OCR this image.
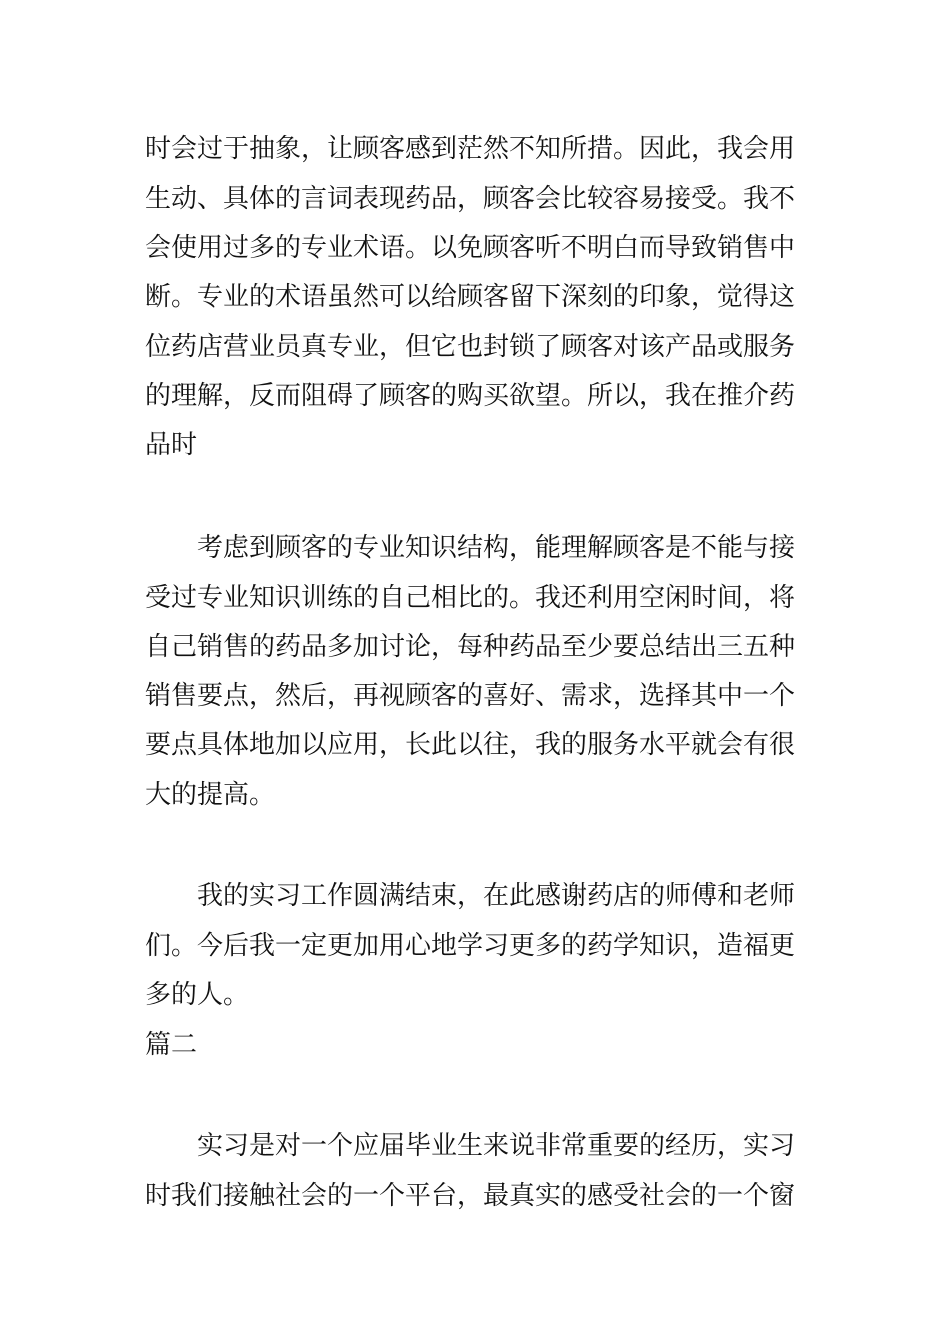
时会过于抽象，让顾客感到茫然不知所措。因此，我会用
生动、具体的言词表现药品，顾客会比较容易接受。我不
会使用过多的专业术语。以免顾客听不明白而导致销售中
断。专业的术语虽然可以给顾客留下深刻的印象，觉得这
位药店营业员真专业，但它也封锁了顾客对该产品或服务
的理解，反而阻碍了顾客的购买欲望。所以，我在推介药
品时
考虑到顾客的专业知识结构，能理解顾客是不能与接
受过专业知识训练的自己相比的。我还利用空闲时间，将
自己销售的药品多加讨论，每种药品至少要总结出三五种
销售要点，然后，再视顾客的喜好、需求，选择其中一个
要点具体地加以应用，长此以往，我的服务水平就会有很
大的提高。
我的实习工作圆满结束，在此感谢药店的师傅和老师
们。今后我一定更加用心地学习更多的药学知识，造福更
多的人。
篇二
实习是对一个应届毕业生来说非常重要的经历，实习
时我们接触社会的一个平台，最真实的感受社会的一个窗
